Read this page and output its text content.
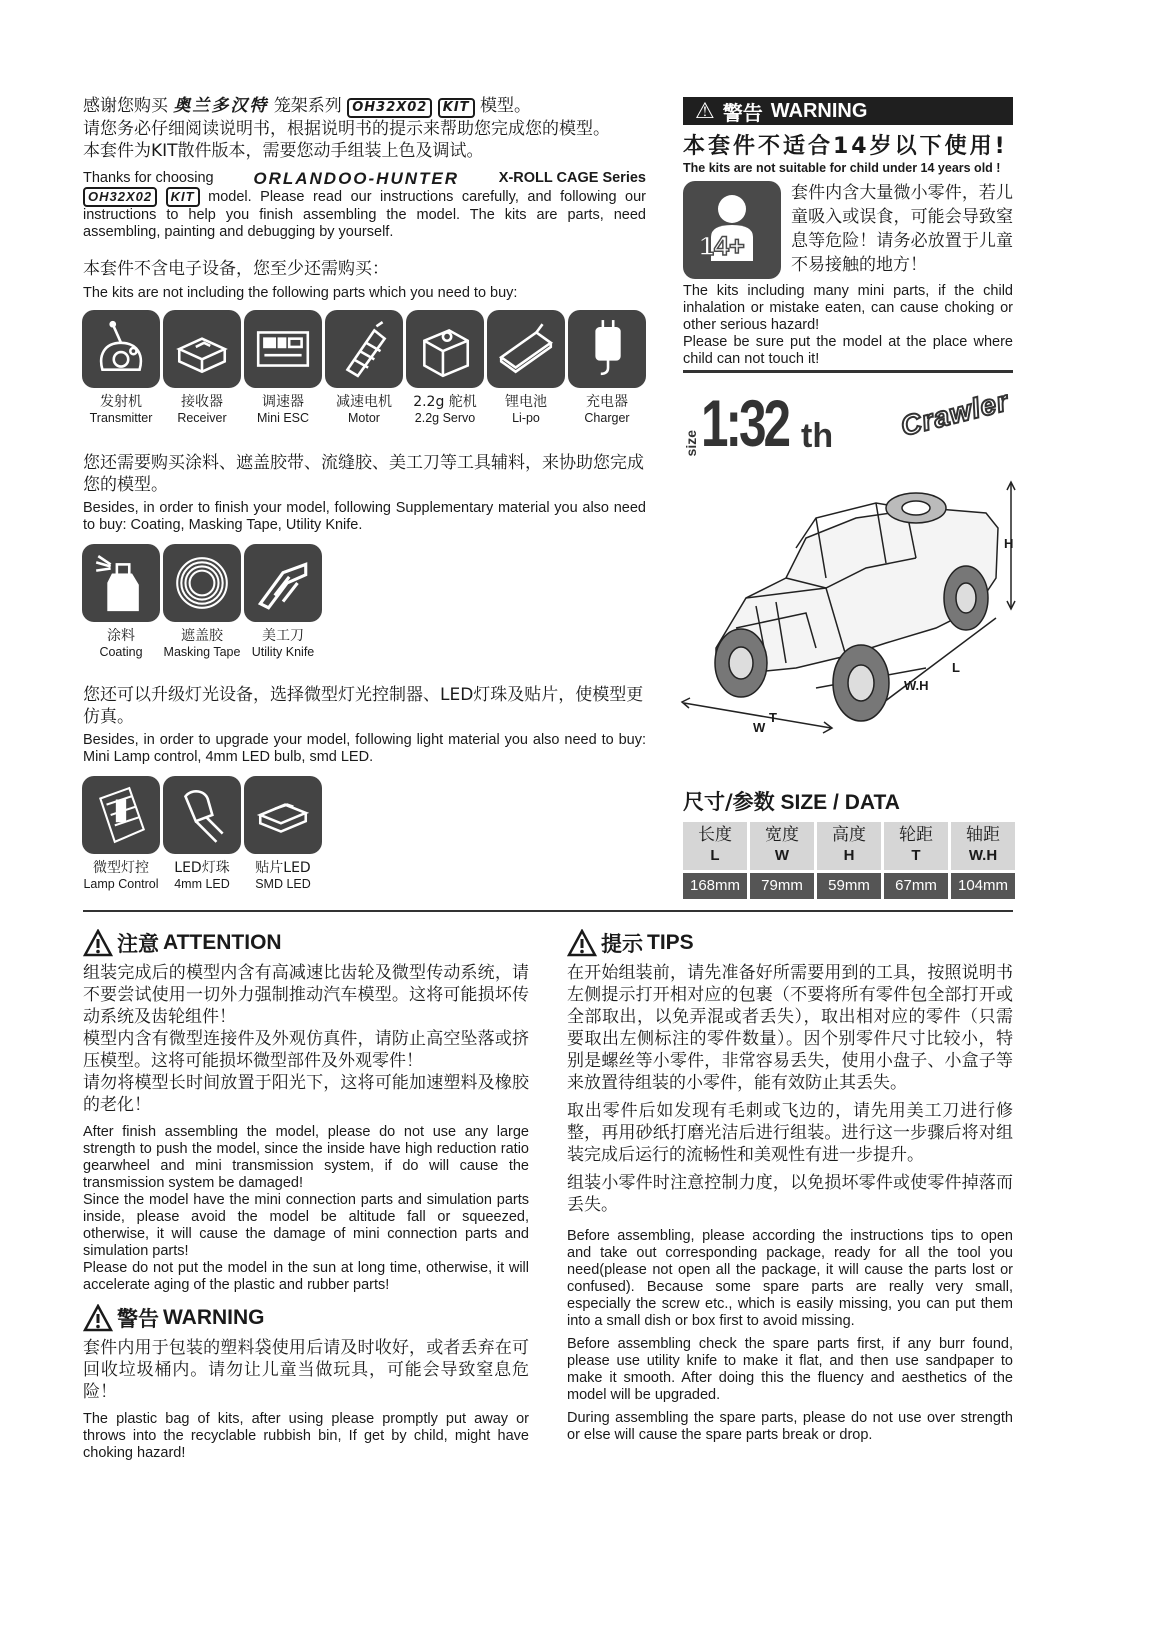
感谢您购买 奥兰多汉特 笼架系列 OH32X02 KIT 模型。

请您务必仔细阅读说明书，根据说明书的提示来帮助您完成您的模型。

本套件为KIT散件版本，需要您动手组装上色及调试。

Thanks for choosing ORLANDOO-HUNTER	X-ROLL CAGE Series

OH32X02 KIT model. Please read our instructions carefully, and following our instructions to help you finish assembling the model. The kits are parts, need assembling, painting and debugging by yourself.

本套件不含电子设备，您至少还需购买：

The kits are not including the following parts which you need to buy:

发射机
Transmitter
接收器
Receiver
调速器
Mini ESC
减速电机
Motor
2.2g 舵机
2.2g Servo
锂电池
Li-po
充电器
Charger

您还需要购买涂料、遮盖胶带、流缝胶、美工刀等工具辅料，来协助您完成您的模型。

Besides, in order to finish your model, following Supplementary material you also need to buy: Coating, Masking Tape, Utility Knife.

涂料
Coating
遮盖胶
Masking Tape
美工刀
Utility Knife

您还可以升级灯光设备，选择微型灯光控制器、LED灯珠及贴片，使模型更仿真。

Besides, in order to upgrade your model, following light material you also need to buy: Mini Lamp control, 4mm LED bulb, smd LED.

微型灯控
Lamp Control
LED灯珠
4mm LED
贴片LED
SMD LED
⚠ 警告 WARNING
本套件不适合14岁以下使用!
The kits are not suitable for child under 14 years old !
14+

套件内含大量微小零件，若儿童吸入或误食，可能会导致窒息等危险！请务必放置于儿童不易接触的地方！

The kits including many mini parts, if the child inhalation or mistake eaten, can cause choking or other serious hazard!

Please be sure put the model at the place where child can not touch it!

size 1:32 th Crawler
H
L
W.H
W
T
尺寸/参数 SIZE / DATA
长度	宽度	高度	轮距	轴距
L	W	H	T	W.H
168mm	79mm	59mm	67mm	104mm
注意 ATTENTION

组装完成后的模型内含有高减速比齿轮及微型传动系统，请不要尝试使用一切外力强制推动汽车模型。这将可能损坏传动系统及齿轮组件！

模型内含有微型连接件及外观仿真件，请防止高空坠落或挤压模型。这将可能损坏微型部件及外观零件！

请勿将模型长时间放置于阳光下，这将可能加速塑料及橡胶的老化！

After finish assembling the model, please do not use any large strength to push the model, since the inside have high reduction ratio gearwheel and mini transmission system, if do will cause the transmission system be damaged!

Since the model have the mini connection parts and simulation parts inside, please avoid the model be altitude fall or squeezed, otherwise, it will cause the damage of mini connection parts and simulation parts!

Please do not put the model in the sun at long time, otherwise, it will accelerate aging of the plastic and rubber parts!

警告 WARNING

套件内用于包装的塑料袋使用后请及时收好，或者丢弃在可回收垃圾桶内。请勿让儿童当做玩具，可能会导致窒息危险！

The plastic bag of kits, after using please promptly put away or throws into the recyclable rubbish bin, If get by child, might have choking hazard!

提示 TIPS

在开始组装前，请先准备好所需要用到的工具，按照说明书左侧提示打开相对应的包裹（不要将所有零件包全部打开或全部取出，以免弄混或者丢失），取出相对应的零件（只需要取出左侧标注的零件数量）。因个别零件尺寸比较小，特别是螺丝等小零件，非常容易丢失，使用小盘子、小盒子等来放置待组装的小零件，能有效防止其丢失。

取出零件后如发现有毛刺或飞边的，请先用美工刀进行修整，再用砂纸打磨光洁后进行组装。进行这一步骤后将对组装完成后运行的流畅性和美观性有进一步提升。

组装小零件时注意控制力度，以免损坏零件或使零件掉落而丢失。

Before assembling, please according the instructions tips to open and take out corresponding package, ready for all the tool you need(please not open all the package, it will cause the parts lost or confused). Because some spare parts are really very small, especially the screw etc., which is easily missing, you can put them into a small dish or box first to avoid missing.

Before assembling check the spare parts first, if any burr found, please use utility knife to make it flat, and then use sandpaper to make it smooth. After doing this the fluency and aesthetics of the model will be upgraded.

During assembling the spare parts, please do not use over strength or else will cause the spare parts break or drop.
